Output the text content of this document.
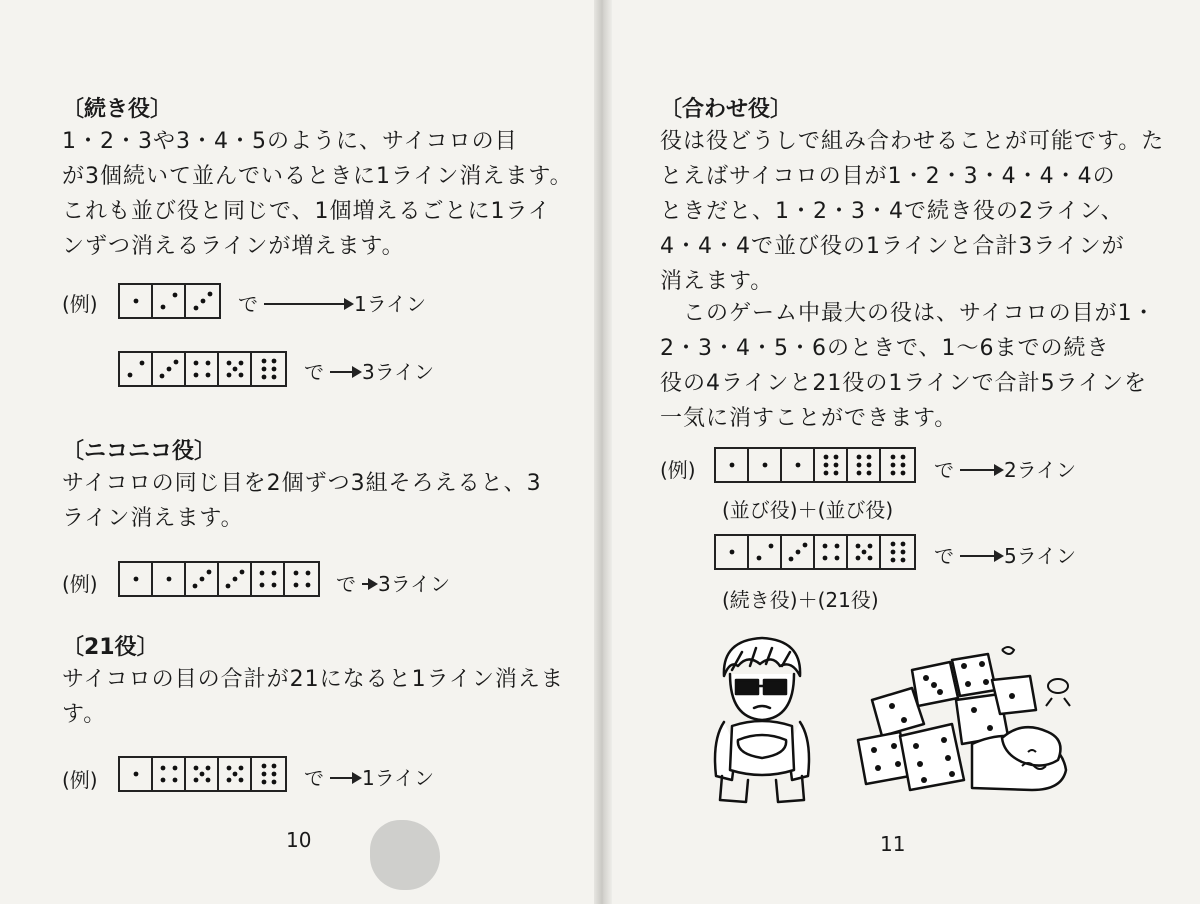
〔続き役〕
1・2・3や3・4・5のように、サイコロの目
が3個続いて並んでいるときに1ライン消えます。
これも並び役と同じで、1個増えるごとに1ライ
ンずつ消えるラインが増えます。
(例)	で	1ライン
で 3ライン
〔ニコニコ役〕
サイコロの同じ目を2個ずつ3組そろえると、3
ライン消えます。
(例)	で 3ライン
〔21役〕
サイコロの目の合計が21になると1ライン消えま
す。
(例)	で 1ライン
10
〔合わせ役〕
役は役どうしで組み合わせることが可能です。た
とえばサイコロの目が1・2・3・4・4・4の
ときだと、1・2・3・4で続き役の2ライン、
4・4・4で並び役の1ラインと合計3ラインが
消えます。
　このゲーム中最大の役は、サイコロの目が1・
2・3・4・5・6のときで、1〜6までの続き
役の4ラインと21役の1ラインで合計5ラインを
一気に消すことができます。
(例)	で	2ライン
(並び役)＋(並び役)
で	5ライン
(続き役)＋(21役)
11
